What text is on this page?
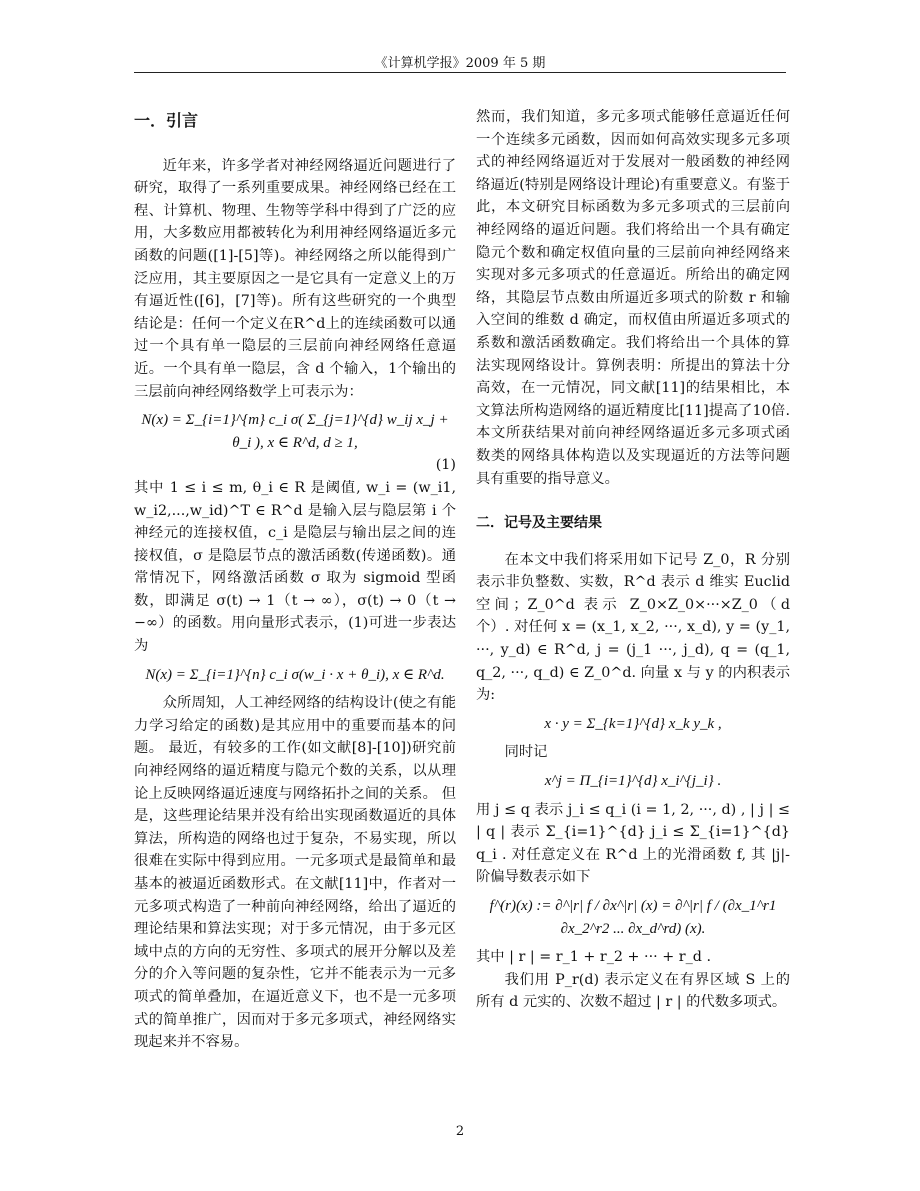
《计算机学报》2009 年 5 期
一．引言

近年来，许多学者对神经网络逼近问题进行了研究，取得了一系列重要成果。神经网络已经在工程、计算机、物理、生物等学科中得到了广泛的应用，大多数应用都被转化为利用神经网络逼近多元函数的问题([1]-[5]等)。神经网络之所以能得到广泛应用，其主要原因之一是它具有一定意义上的万有逼近性([6]，[7]等)。所有这些研究的一个典型结论是：任何一个定义在R^d上的连续函数可以通过一个具有单一隐层的三层前向神经网络任意逼近。一个具有单一隐层，含 d 个输入，1个输出的三层前向神经网络数学上可表示为：

N(x) = Σ_{i=1}^{m} c_i σ( Σ_{j=1}^{d} w_ij x_j + θ_i ), x ∈ R^d, d ≥ 1,
(1)

其中 1 ≤ i ≤ m, θ_i ∈ R 是阈值, w_i = (w_i1, w_i2,...,w_id)^T ∈ R^d 是输入层与隐层第 i 个神经元的连接权值，c_i 是隐层与输出层之间的连接权值，σ 是隐层节点的激活函数(传递函数)。通常情况下，网络激活函数 σ 取为 sigmoid 型函数，即满足 σ(t) → 1（t → ∞），σ(t) → 0（t → −∞）的函数。用向量形式表示，(1)可进一步表达为

N(x) = Σ_{i=1}^{n} c_i σ(w_i · x + θ_i), x ∈ R^d.

众所周知，人工神经网络的结构设计(使之有能力学习给定的函数)是其应用中的重要而基本的问题。 最近，有较多的工作(如文献[8]-[10])研究前向神经网络的逼近精度与隐元个数的关系，以从理论上反映网络逼近速度与网络拓扑之间的关系。 但是，这些理论结果并没有给出实现函数逼近的具体算法，所构造的网络也过于复杂，不易实现，所以很难在实际中得到应用。一元多项式是最简单和最基本的被逼近函数形式。在文献[11]中，作者对一元多项式构造了一种前向神经网络，给出了逼近的理论结果和算法实现；对于多元情况，由于多元区域中点的方向的无穷性、多项式的展开分解以及差分的介入等问题的复杂性，它并不能表示为一元多项式的简单叠加，在逼近意义下，也不是一元多项式的简单推广，因而对于多元多项式，神经网络实现起来并不容易。

然而，我们知道，多元多项式能够任意逼近任何一个连续多元函数，因而如何高效实现多元多项式的神经网络逼近对于发展对一般函数的神经网络逼近(特别是网络设计理论)有重要意义。有鉴于此，本文研究目标函数为多元多项式的三层前向神经网络的逼近问题。我们将给出一个具有确定隐元个数和确定权值向量的三层前向神经网络来实现对多元多项式的任意逼近。所给出的确定网络，其隐层节点数由所逼近多项式的阶数 r 和输入空间的维数 d 确定，而权值由所逼近多项式的系数和激活函数确定。我们将给出一个具体的算法实现网络设计。算例表明：所提出的算法十分高效，在一元情况，同文献[11]的结果相比，本文算法所构造网络的逼近精度比[11]提高了10倍. 本文所获结果对前向神经网络逼近多元多项式函数类的网络具体构造以及实现逼近的方法等问题具有重要的指导意义。

二．记号及主要结果

在本文中我们将采用如下记号 Z_0，R 分别表示非负整数、实数，R^d 表示 d 维实 Euclid 空间；Z_0^d 表示 Z_0×Z_0×···×Z_0（d 个）. 对任何 x = (x_1, x_2, ···, x_d), y = (y_1, ···, y_d) ∈ R^d, j = (j_1 ···, j_d), q = (q_1, q_2, ···, q_d) ∈ Z_0^d. 向量 x 与 y 的内积表示为:

x · y = Σ_{k=1}^{d} x_k y_k ,

同时记

x^j = Π_{i=1}^{d} x_i^{j_i} .

用 j ≤ q 表示 j_i ≤ q_i (i = 1, 2, ···, d) , | j | ≤ | q | 表示 Σ_{i=1}^{d} j_i ≤ Σ_{i=1}^{d} q_i . 对任意定义在 R^d 上的光滑函数 f, 其 |j|-阶偏导数表示如下

f^(r)(x) := ∂^|r| f / ∂x^|r| (x) = ∂^|r| f / (∂x_1^r1 ∂x_2^r2 ... ∂x_d^rd) (x).

其中 | r | = r_1 + r_2 + ··· + r_d .

我们用 P_r(d) 表示定义在有界区域 S 上的所有 d 元实的、次数不超过 | r | 的代数多项式。

2
